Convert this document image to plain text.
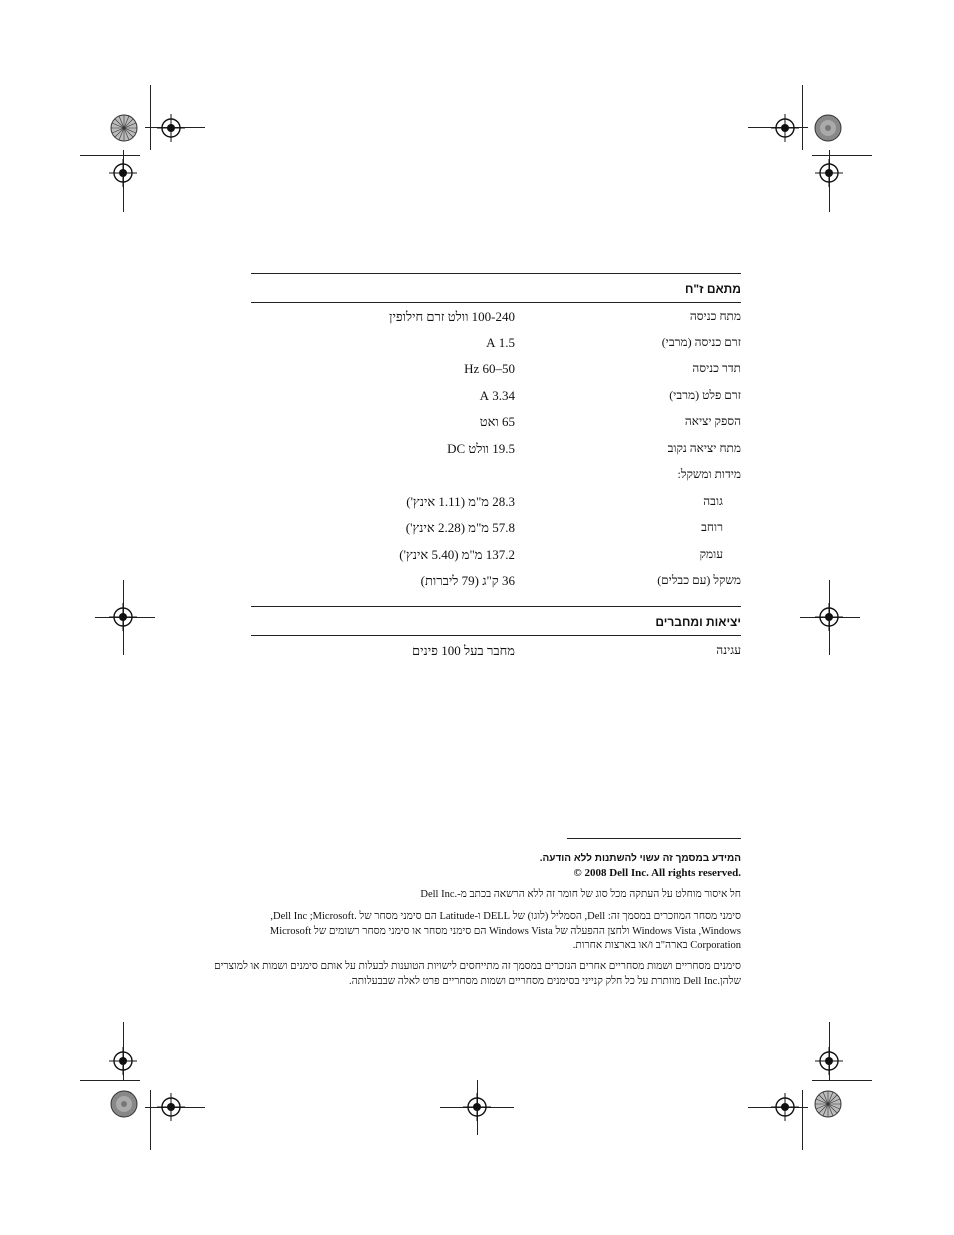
מתאם ז"ח
מתח כניסה
100-240 וולט זרם חילופין
זרם כניסה (מרבי)
1.5 A
תדר כניסה
50–60 Hz
זרם פלט (מרבי)
3.34 A
הספק יציאה
65 ואט
מתח יציאה נקוב
19.5 וולט DC
מידות ומשקל:
גובה
28.3 מ"מ (1.11 אינץ')
רוחב
57.8 מ"מ (2.28 אינץ')
עומק
137.2 מ"מ (5.40 אינץ')
משקל (עם כבלים)
36 ק"ג (79 ליברות)
יציאות ומחברים
עגינה
מחבר בעל 100 פינים
המידע במסמך זה עשוי להשתנות ללא הודעה.
© 2008 Dell Inc. All rights reserved.
חל איסור מוחלט על העתקה מכל סוג של חומר זה ללא הרשאה בכתב מ-.Dell Inc
סימני מסחר המוזכרים במסמך זה: Dell, הסמליל (לוגו) של DELL ו-Latitude הם סימני מסחר של .Dell Inc ;Microsoft,
Windows Vista ,Windows ולחצן ההפעלה של Windows Vista הם סימני מסחר או סימני מסחר רשומים של Microsoft
Corporation בארה"ב ו/או בארצות אחרות.
סימנים מסחריים ושמות מסחריים אחרים הנזכרים במסמך זה מתייחסים לישויות הטוענות לבעלות על אותם סימנים ושמות או למוצרים
שלהן.Dell Inc מוותרת על כל חלק קנייני בסימנים מסחריים ושמות מסחריים פרט לאלה שבבעלותה.
